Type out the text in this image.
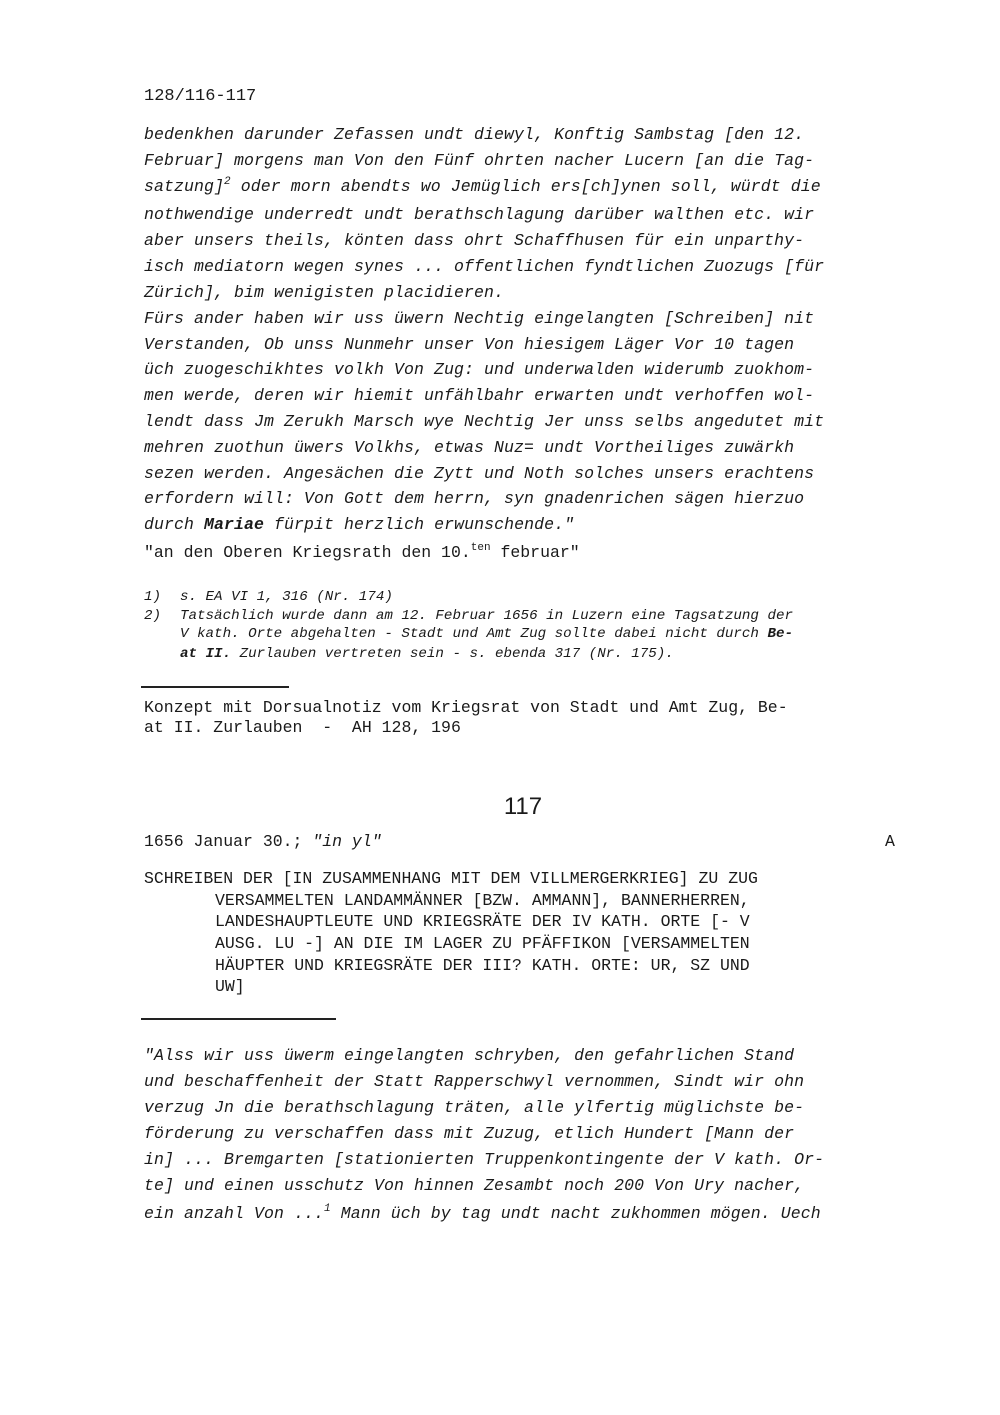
128/116-117
bedenkhen darunder Zefassen undt diewyl, Konftig Sambstag [den 12.
Februar] morgens man Von den Fünf ohrten nacher Lucern [an die Tag-
satzung]$^2$ oder morn abendts wo Jemüglich ers[ch]ynen soll, würdt die
nothwendige underredt undt berathschlagung darüber walthen etc. wir
aber unsers theils, könten dass ohrt Schaffhusen für ein unparthy-
isch mediatorn wegen synes ... offentlichen fyndtlichen Zuozugs [für
Zürich], bim wenigisten placidieren.
Fürs ander haben wir uss üwern Nechtig eingelangten [Schreiben] nit
Verstanden, Ob unss Nunmehr unser Von hiesigem Läger Vor 10 tagen
üch zuogeschikhtes volkh Von Zug: und underwalden widerumb zuokhom-
men werde, deren wir hiemit unfählbahr erwarten undt verhoffen wol-
lendt dass Jm Zerukh Marsch wye Nechtig Jer unss selbs angedutet mit
mehren zuothun üwers Volkhs, etwas Nuz= undt Vortheiliges zuwärkh
sezen werden. Angesächen die Zytt und Noth solches unsers erachtens
erfordern will: Von Gott dem herrn, syn gnadenrichen sägen hierzuo
durch Mariae fürpit herzlich erwunschende."
"an den Oberen Kriegsrath den 10.$^{ten}$ februar"
1) s. EA VI 1, 316 (Nr. 174)
2) Tatsächlich wurde dann am 12. Februar 1656 in Luzern eine Tagsatzung der
V kath. Orte abgehalten - Stadt und Amt Zug sollte dabei nicht durch Be-
at II. Zurlauben vertreten sein - s. ebenda 317 (Nr. 175).
Konzept mit Dorsualnotiz vom Kriegsrat von Stadt und Amt Zug, Be-
at II. Zurlauben  -  AH 128, 196
117
1656 Januar 30.; "in yl"	A
SCHREIBEN DER [IN ZUSAMMENHANG MIT DEM VILLMERGERKRIEG] ZU ZUG
VERSAMMELTEN LANDAMMÄNNER [BZW. AMMANN], BANNERHERREN,
LANDESHAUPTLEUTE UND KRIEGSRÄTE DER IV KATH. ORTE [- V
AUSG. LU -] AN DIE IM LAGER ZU PFÄFFIKON [VERSAMMELTEN
HÄUPTER UND KRIEGSRÄTE DER III? KATH. ORTE: UR, SZ UND
UW]
"Alss wir uss üwerm eingelangten schryben, den gefahrlichen Stand
und beschaffenheit der Statt Rapperschwyl vernommen, Sindt wir ohn
verzug Jn die berathschlagung träten, alle ylfertig müglichste be-
förderung zu verschaffen dass mit Zuzug, etlich Hundert [Mann der
in] ... Bremgarten [stationierten Truppenkontingente der V kath. Or-
te] und einen usschutz Von hinnen Zesambt noch 200 Von Ury nacher,
ein anzahl Von ...$^1$ Mann üch by tag undt nacht zukhommen mögen. Uech
